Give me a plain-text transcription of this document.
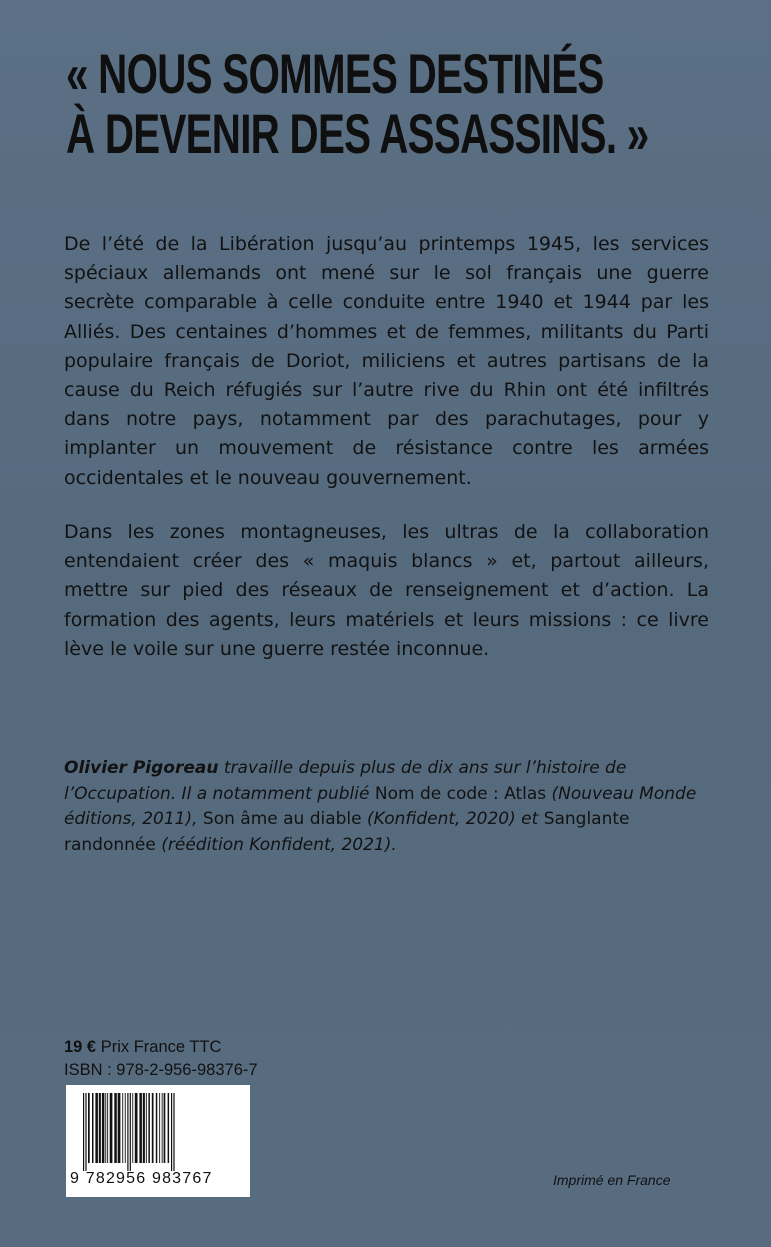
« NOUS SOMMES DESTINÉS
À DEVENIR DES ASSASSINS. »
De l’été de la Libération jusqu’au printemps 1945, les services spéciaux allemands ont mené sur le sol français une guerre secrète comparable à celle conduite entre 1940 et 1944 par les Alliés. Des centaines d’hommes et de femmes, militants du Parti populaire français de Doriot, miliciens et autres partisans de la cause du Reich réfugiés sur l’autre rive du Rhin ont été infiltrés dans notre pays, notamment par des parachutages, pour y implanter un mouvement de résistance contre les armées occidentales et le nouveau gouvernement.
Dans les zones montagneuses, les ultras de la collaboration entendaient créer des « maquis blancs » et, partout ailleurs, mettre sur pied des réseaux de renseignement et d’action. La formation des agents, leurs matériels et leurs missions : ce livre lève le voile sur une guerre restée inconnue.
Olivier Pigoreau travaille depuis plus de dix ans sur l’histoire de l’Occupation. Il a notamment publié Nom de code : Atlas (Nouveau Monde éditions, 2011), Son âme au diable (Konfident, 2020) et Sanglante randonnée (réédition Konfident, 2021).
19 € Prix France TTC
ISBN : 978-2-956-98376-7
9 782956 983767	Imprimé en France
